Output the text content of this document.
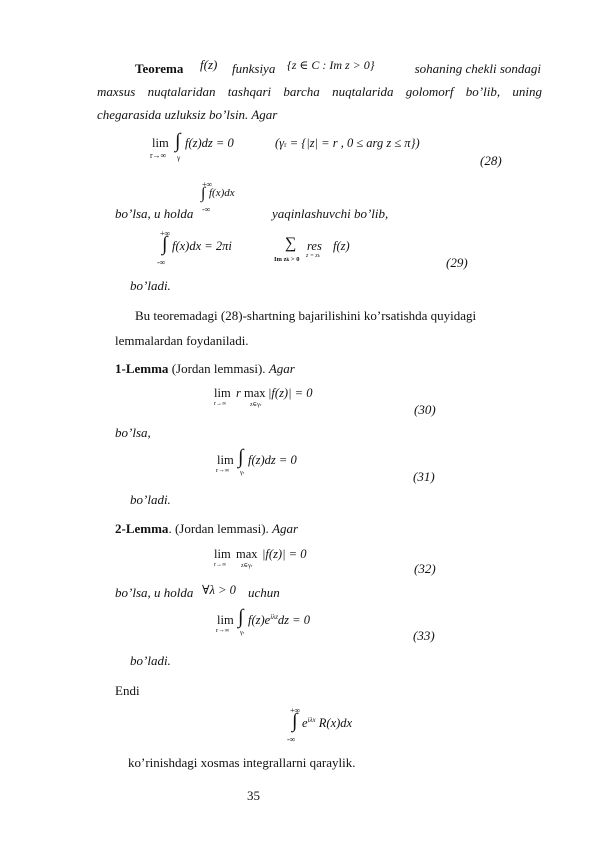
Teorema f(z) funksiya {z ∈ C : Im z > 0}	sohaning chekli sondagi
maxsus nuqtalaridan tashqari barcha nuqtalarida golomorf bo’lib, uning
chegarasida uzluksiz bo’lsin. Agar
lim
r→∞
∫
γ
f(z)dz = 0	(γr = {|z| = r , 0 ≤ arg z ≤ π})
(28)
bo’lsa, u holda
+∞
∫
-∞
f(x)dx
yaqinlashuvchi bo’lib,
+∞
∫
-∞
f(x)dx = 2πi	∑
Im zk > 0
res
z = zk
f(z)
(29)
bo’ladi.
Bu teoremadagi (28)-shartning bajarilishini ko’rsatishda quyidagi
lemmalardan foydaniladi.
1-Lemma (Jordan lemmasi). Agar
lim
r→∞
r max
z∈γr
|f(z)| = 0
(30)
bo’lsa,
lim
r→∞
∫
γr
f(z)dz = 0
(31)
bo’ladi.
2-Lemma. (Jordan lemmasi). Agar
lim
r→∞
max
z∈γr
|f(z)| = 0
(32)
bo’lsa, u holda ∀λ > 0 uchun
lim
r→∞
∫
γr
$f(z)e^{i\lambda z}dz = 0$
(33)
bo’ladi.
Endi
+∞
∫
-∞
$e^{i\lambda x}$ R(x)dx
ko’rinishdagi xosmas integrallarni qaraylik.
35
